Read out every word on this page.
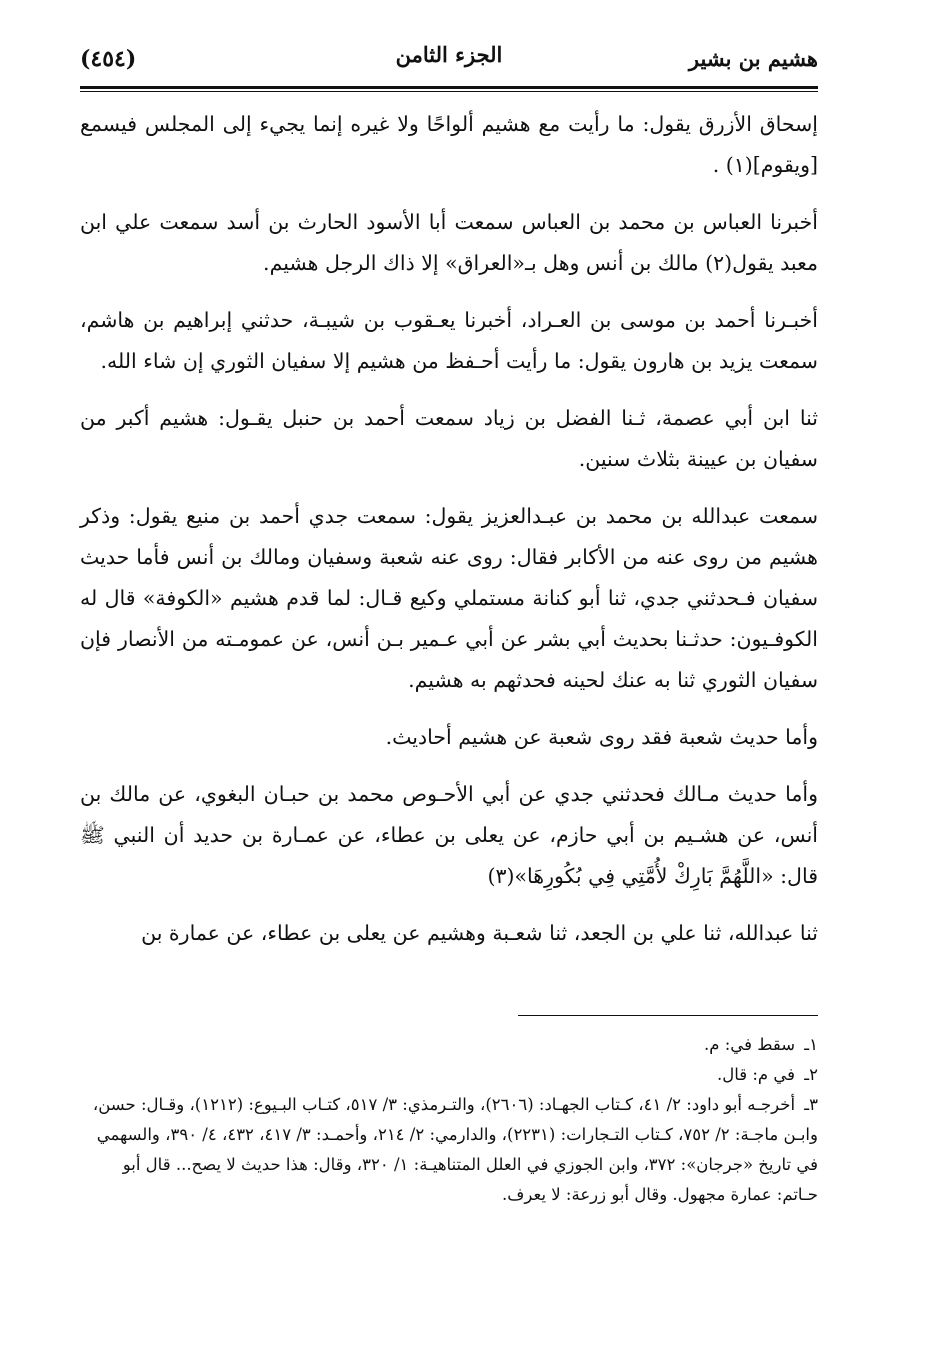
هشيم بن بشير
الجزء الثامن
(٤٥٤)

إسحاق الأزرق يقول: ما رأيت مع هشيم ألواحًا ولا غيره إنما يجيء إلى المجلس فيسمع [ويقوم](١) .

أخبرنا العباس بن محمد بن العباس سمعت أبا الأسود الحارث بن أسد سمعت علي ابن معبد يقول(٢) مالك بن أنس وهل بـ«العراق» إلا ذاك الرجل هشيم.

أخبـرنا أحمد بن موسى بن العـراد، أخبرنا يعـقوب بن شيبـة، حدثني إبراهيم بن هاشم، سمعت يزيد بن هارون يقول: ما رأيت أحـفظ من هشيم إلا سفيان الثوري إن شاء الله.

ثنا ابن أبي عصمة، ثـنا الفضل بن زياد سمعت أحمد بن حنبل يقـول: هشيم أكبر من سفيان بن عيينة بثلاث سنين.

سمعت عبدالله بن محمد بن عبـدالعزيز يقول: سمعت جدي أحمد بن منيع يقول: وذكر هشيم من روى عنه من الأكابر فقال: روى عنه شعبة وسفيان ومالك بن أنس فأما حديث سفيان فـحدثني جدي، ثنا أبو كنانة مستملي وكيع قـال: لما قدم هشيم «الكوفة» قال له الكوفـيون: حدثـنا بحديث أبي بشر عن أبي عـمير بـن أنس، عن عمومـته من الأنصار فإن سفيان الثوري ثنا به عنك لحينه فحدثهم به هشيم.

وأما حديث شعبة فقد روى شعبة عن هشيم أحاديث.

وأما حديث مـالك فحدثني جدي عن أبي الأحـوص محمد بن حبـان البغوي، عن مالك بن أنس، عن هشـيم بن أبي حازم، عن يعلى بن عطاء، عن عمـارة بن حديد أن النبي ﷺ قال: «اللَّهُمَّ بَارِكْ لأُمَّتِي فِي بُكُورِهَا»(٣)

ثنا عبدالله، ثنا علي بن الجعد، ثنا شعـبة وهشيم عن يعلى بن عطاء، عن عمارة بن

١ـ سقط في: م.

٢ـ في م: قال.

٣ـ أخرجـه أبو داود: ٢/ ٤١، كـتاب الجهـاد: (٢٦٠٦)، والتـرمذي: ٣/ ٥١٧، كتـاب البـيوع: (١٢١٢)، وقـال: حسن، وابـن ماجـة: ٢/ ٧٥٢، كـتاب التـجارات: (٢٢٣١)، والدارمي: ٢/ ٢١٤، وأحمـد: ٣/ ٤١٧، ٤٣٢، ٤/ ٣٩٠، والسهمي في تاريخ «جرجان»: ٣٧٢، وابن الجوزي في العلل المتناهيـة: ١/ ٣٢٠، وقال: هذا حديث لا يصح... قال أبو حـاتم: عمارة مجهول. وقال أبو زرعة: لا يعرف.
